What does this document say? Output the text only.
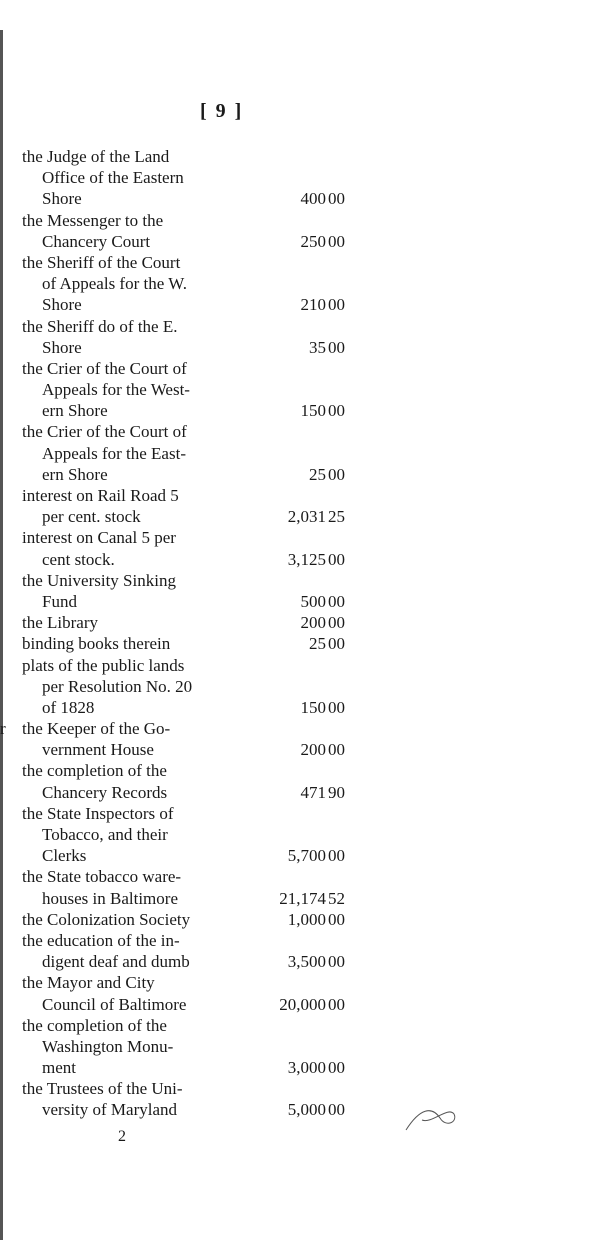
[ 9 ]
the Judge of the Land
Office of the Eastern
Shore	400 00
the Messenger to the
Chancery Court	250 00
the Sheriff of the Court
of Appeals for the W.
Shore	210 00
the Sheriff do of the E.
Shore	35 00
the Crier of the Court of
Appeals for the West-
ern Shore	150 00
the Crier of the Court of
Appeals for the East-
ern Shore	25 00
interest on Rail Road 5
per cent. stock	2,031 25
interest on Canal 5 per
cent stock.	3,125 00
the University Sinking
Fund	500 00
the Library	200 00
binding books therein	25 00
plats of the public lands
per Resolution No. 20
of 1828	150 00
r the Keeper of the Go-
vernment House	200 00
the completion of the
Chancery Records	471 90
the State Inspectors of
Tobacco, and their
Clerks	5,700 00
the State tobacco ware-
houses in Baltimore	21,174 52
the Colonization Society	1,000 00
the education of the in-
digent deaf and dumb	3,500 00
the Mayor and City
Council of Baltimore	20,000 00
the completion of the
Washington Monu-
ment	3,000 00
the Trustees of the Uni-
versity of Maryland	5,000 00
2
